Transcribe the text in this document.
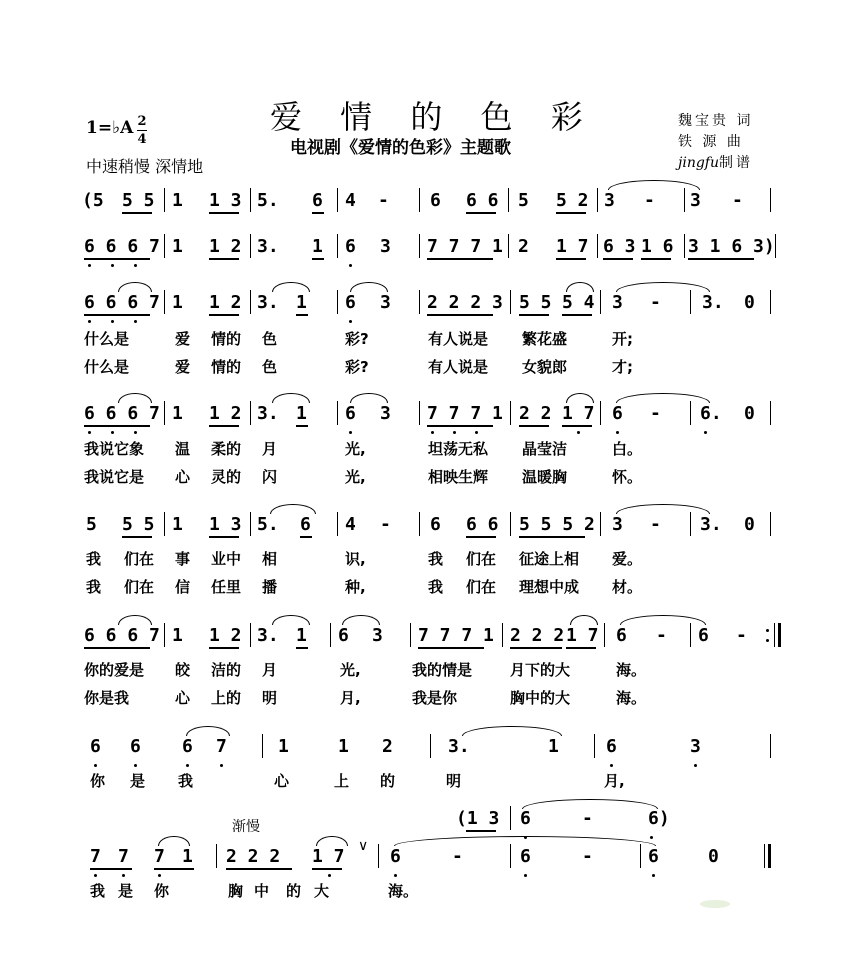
爱 情 的 色 彩
电视剧《爱情的色彩》主题歌
1=♭A 2
4
中速稍慢 深情地
魏宝贵 词
铁 源 曲
jingfu制谱
(5 5 5 1 1 3 5. 6 4 - 6 6 6 5 5 2 3 - 3 -
6 6 6 7 1 1 2 3. 1 6 3 7 7 7 1 2 1 7 6 3 1 6 3 1 6 3)
6 6 6 7 1 1 2 3. 1 6 3 2 2 2 3 5 5 5 4 3 - 3. 0
什么是	爱 情的 色	彩?	有人说是 繁花盛	开;
什么是	爱 情的 色	彩?	有人说是 女貌郎	才;
6 6 6 7 1 1 2 3. 1 6 3 7 7 7 1 2 2 1 7 6 - 6. 0
我说它象 温 柔的 月	光,	坦荡无私 晶莹洁	白。
我说它是 心 灵的 闪	光,	相映生辉 温暖胸	怀。
5 5 5 1 1 3 5. 6 4 - 6 6 6 5 5 5 2 3 - 3. 0
我 们在 事 业中 相	识,	我 们在 征途上相 爱。
我 们在 信 任里 播	种,	我 们在 理想中成 材。
6 6 6 7 1 1 2 3. 1 6 3 7 7 7 1 2 2 2 1 7 6 - 6 -
你的爱是 皎 洁的 月	光,	我的情是	月下的大	海。
你是我	心 上的 明	月,	我是你	胸中的大	海。
6 6 6 7	1	1 2	3.	1	6	3
你 是 我	心	上 的	明	月,
渐慢	(1 3 6	-	6)
7 7 7 1 2 2 2 1 7	6	-	6	-	6	0
∨
我 是 你	胸 中 的 大	海。
